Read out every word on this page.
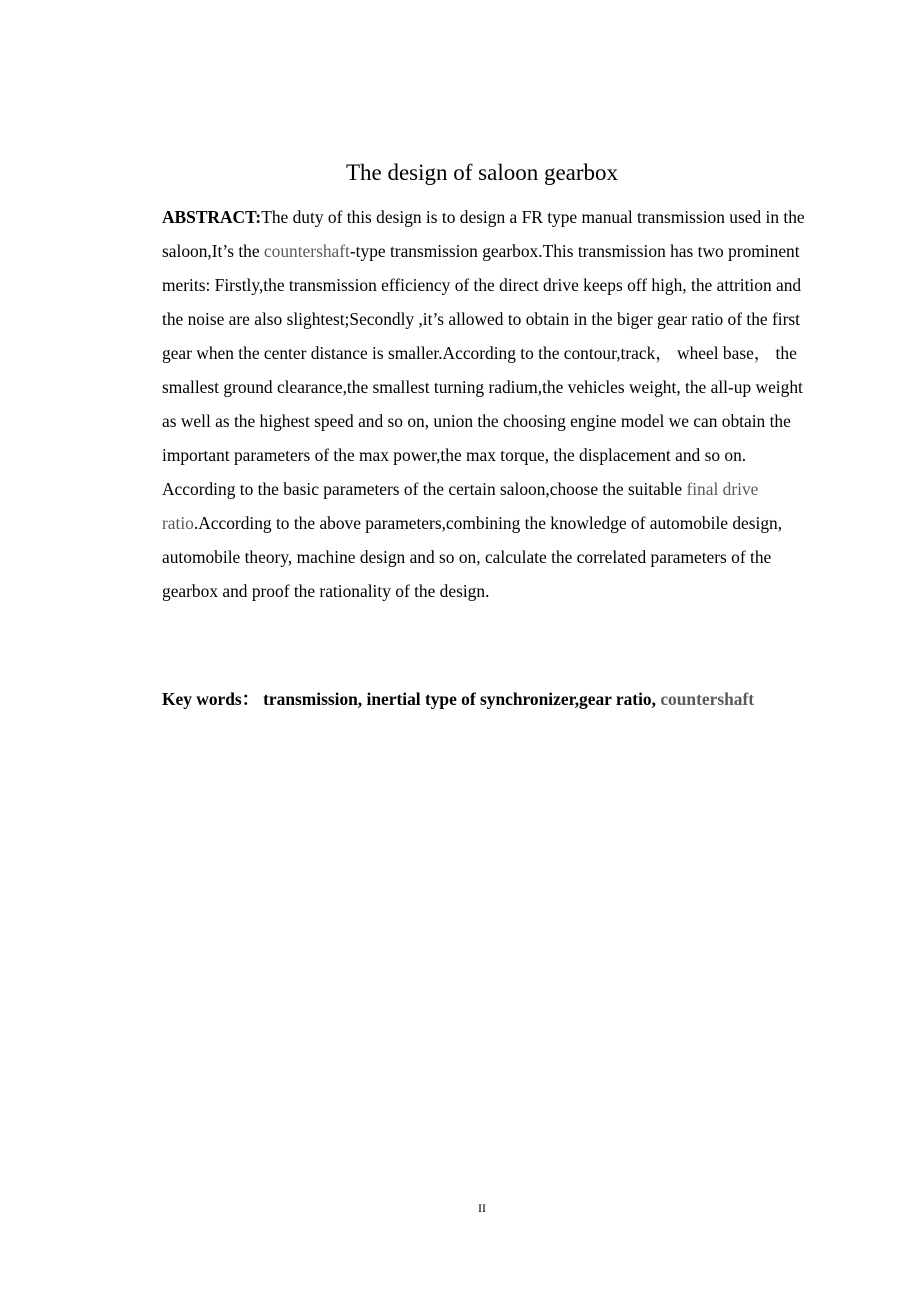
The design of saloon gearbox

ABSTRACT:The duty of this design is to design a FR type manual transmission used in the saloon,It’s the countershaft-type transmission gearbox.This transmission has two prominent merits: Firstly,the transmission efficiency of the direct drive keeps off high, the attrition and the noise are also slightest;Secondly ,it’s allowed to obtain in the biger gear ratio of the first gear when the center distance is smaller.According to the contour,track， wheel base， the smallest ground clearance,the smallest turning radium,the vehicles weight, the all-up weight as well as the highest speed and so on, union the choosing engine model we can obtain the important parameters of the max power,the max torque, the displacement and so on. According to the basic parameters of the certain saloon,choose the suitable final drive ratio.According to the above parameters,combining the knowledge of automobile design, automobile theory, machine design and so on, calculate the correlated parameters of the gearbox and proof the rationality of the design.

Key words： transmission, inertial type of synchronizer,gear ratio, countershaft

II
